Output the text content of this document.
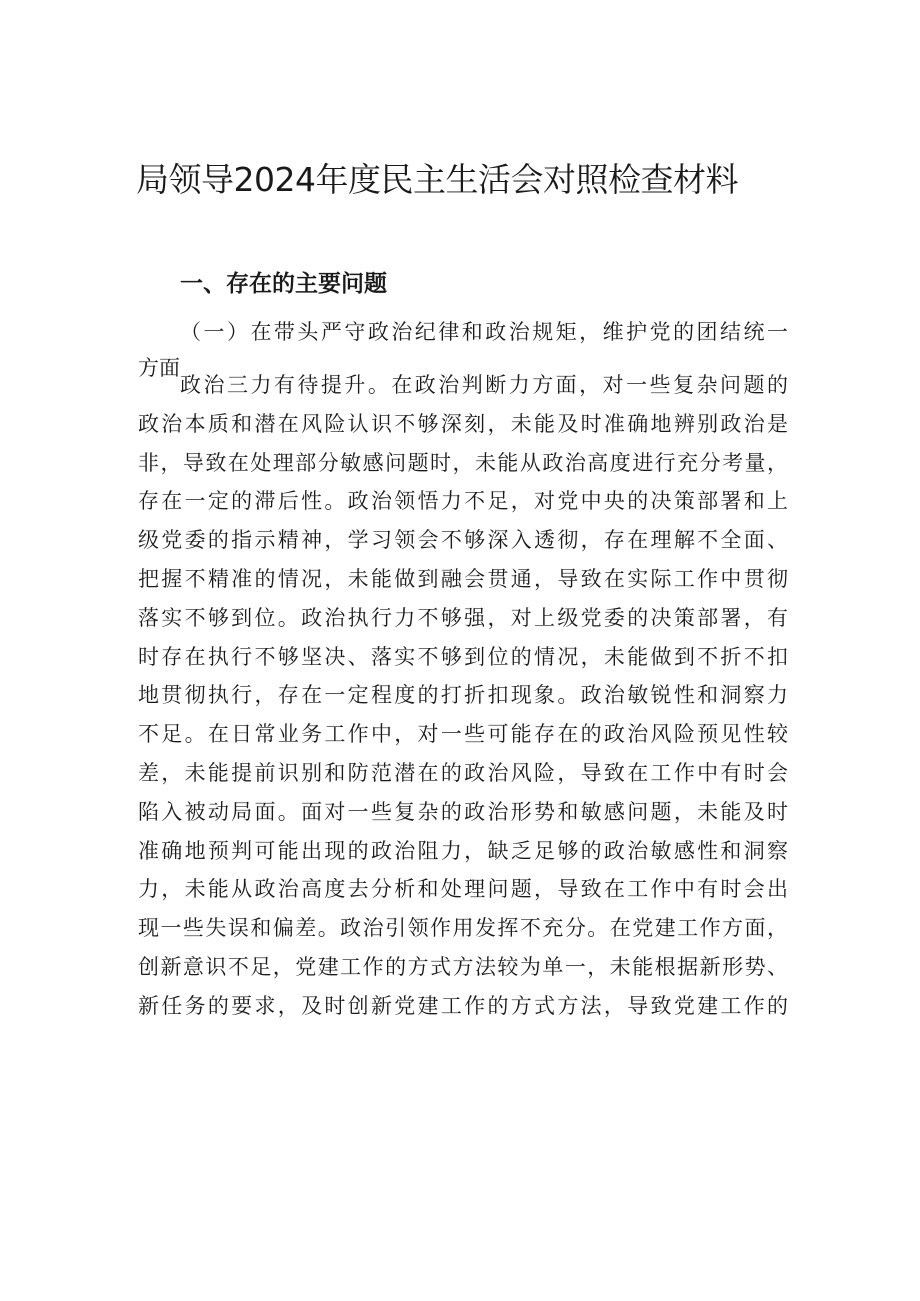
局领导2024年度民主生活会对照检查材料
一、存在的主要问题
（一）在带头严守政治纪律和政治规矩，维护党的团结统一
方面
政治三力有待提升。在政治判断力方面，对一些复杂问题的
政治本质和潜在风险认识不够深刻，未能及时准确地辨别政治是
非，导致在处理部分敏感问题时，未能从政治高度进行充分考量，
存在一定的滞后性。政治领悟力不足，对党中央的决策部署和上
级党委的指示精神，学习领会不够深入透彻，存在理解不全面、
把握不精准的情况，未能做到融会贯通，导致在实际工作中贯彻
落实不够到位。政治执行力不够强，对上级党委的决策部署，有
时存在执行不够坚决、落实不够到位的情况，未能做到不折不扣
地贯彻执行，存在一定程度的打折扣现象。政治敏锐性和洞察力
不足。在日常业务工作中，对一些可能存在的政治风险预见性较
差，未能提前识别和防范潜在的政治风险，导致在工作中有时会
陷入被动局面。面对一些复杂的政治形势和敏感问题，未能及时
准确地预判可能出现的政治阻力，缺乏足够的政治敏感性和洞察
力，未能从政治高度去分析和处理问题，导致在工作中有时会出
现一些失误和偏差。政治引领作用发挥不充分。在党建工作方面，
创新意识不足，党建工作的方式方法较为单一，未能根据新形势、
新任务的要求，及时创新党建工作的方式方法，导致党建工作的
